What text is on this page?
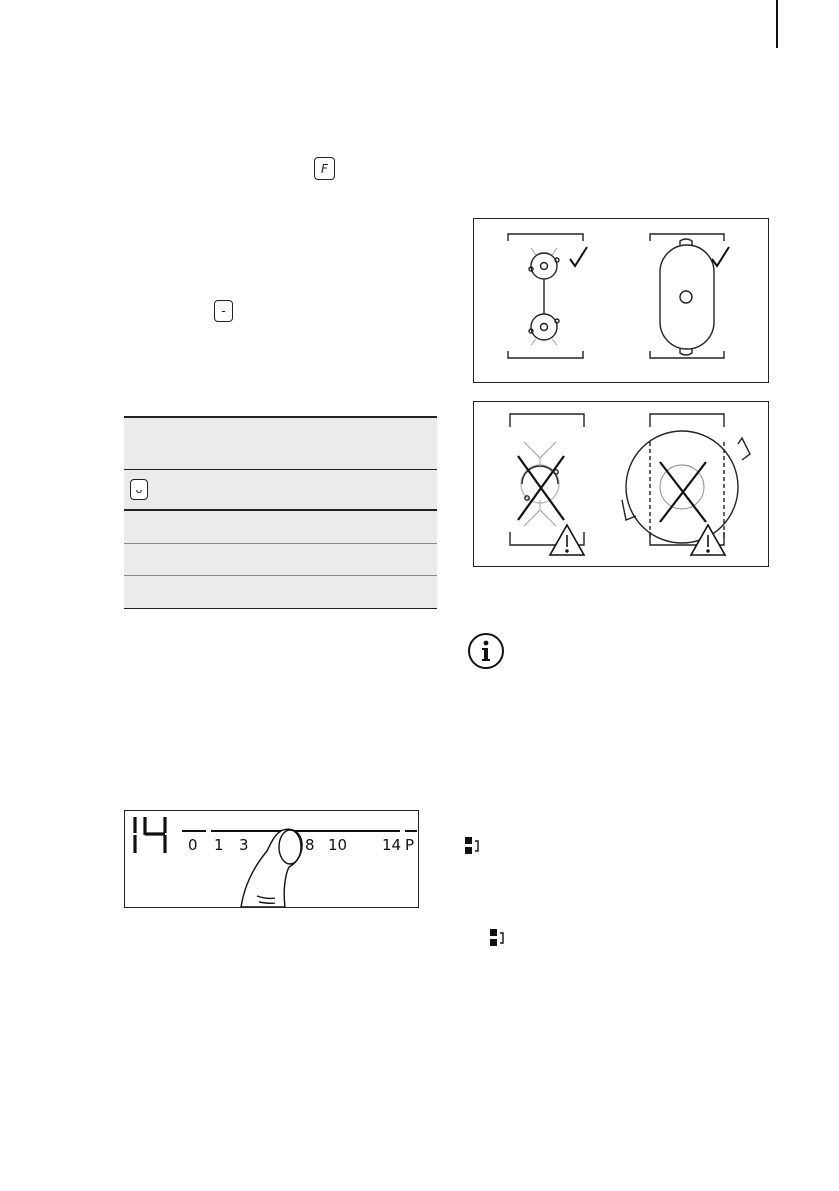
F
-
ᴗ
0 1 3	8 10 14 P
